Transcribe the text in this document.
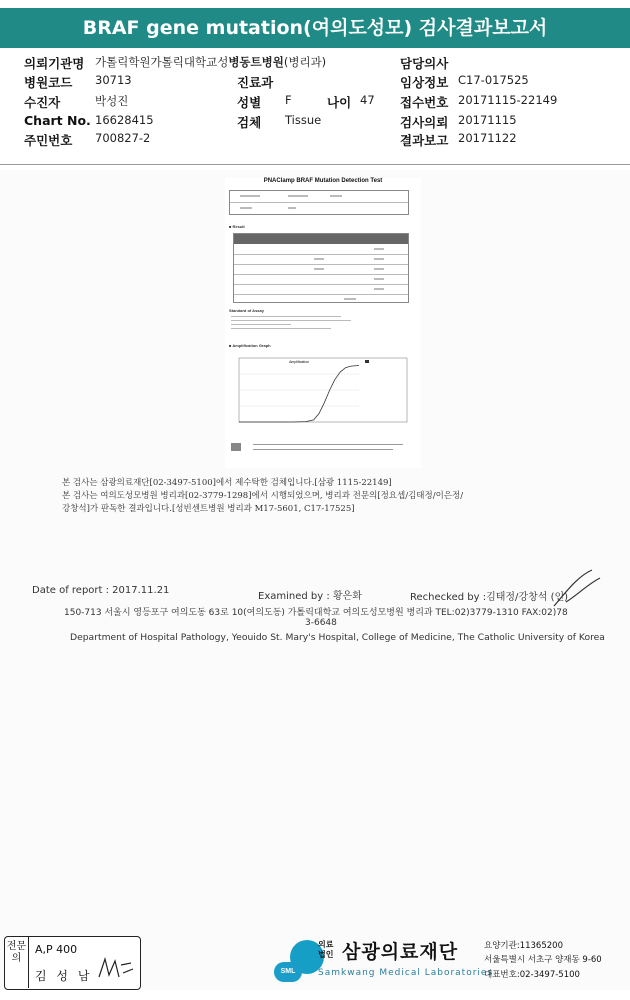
BRAF gene mutation(여의도성모) 검사결과보고서
의뢰기관명 가톨릭학원가톨릭대학교성병동트병원(병리과)	담당의사
병원코드 30713	진료과	임상정보 C17-017525
수진자	박성진	성별 F	나이 47 접수번호 20171115-22149
Chart No. 16628415	검체 Tissue	검사의뢰 20171115
주민번호 700827-2	결과보고 20171122
PNAClamp BRAF Mutation Detection Test
■ Result
Standard of Assay
■ Amplification Graph
Amplification
본 검사는 삼광의료재단[02-3497-5100]에서 제수탁한 검체입니다.[삼광 1115-22149]
본 검사는 여의도성모병원 병리과[02-3779-1298]에서 시행되었으며, 병리과 전문의[정요셉/김태정/이은정/
강창석]가 판독한 결과입니다.[성빈센트병원 병리과 M17-5601, C17-17525]
Date of report : 2017.11.21
Examined by : 황은화	Rechecked by :김태정/강창석 (인)
150-713 서울시 영등포구 여의도동 63로 10(여의도동) 가톨릭대학교 여의도성모병원 병리과 TEL:02)3779-1310 FAX:02)78
3-6648
Department of Hospital Pathology, Yeouido St. Mary's Hospital, College of Medicine, The Catholic University of Korea
전문의
A,P 400
김 성 남	SML
의료법인 삼광의료재단
Samkwang Medical Laboratories
요양기관:11365200
서울특별시 서초구 양재동 9-60
대표번호:02-3497-5100
